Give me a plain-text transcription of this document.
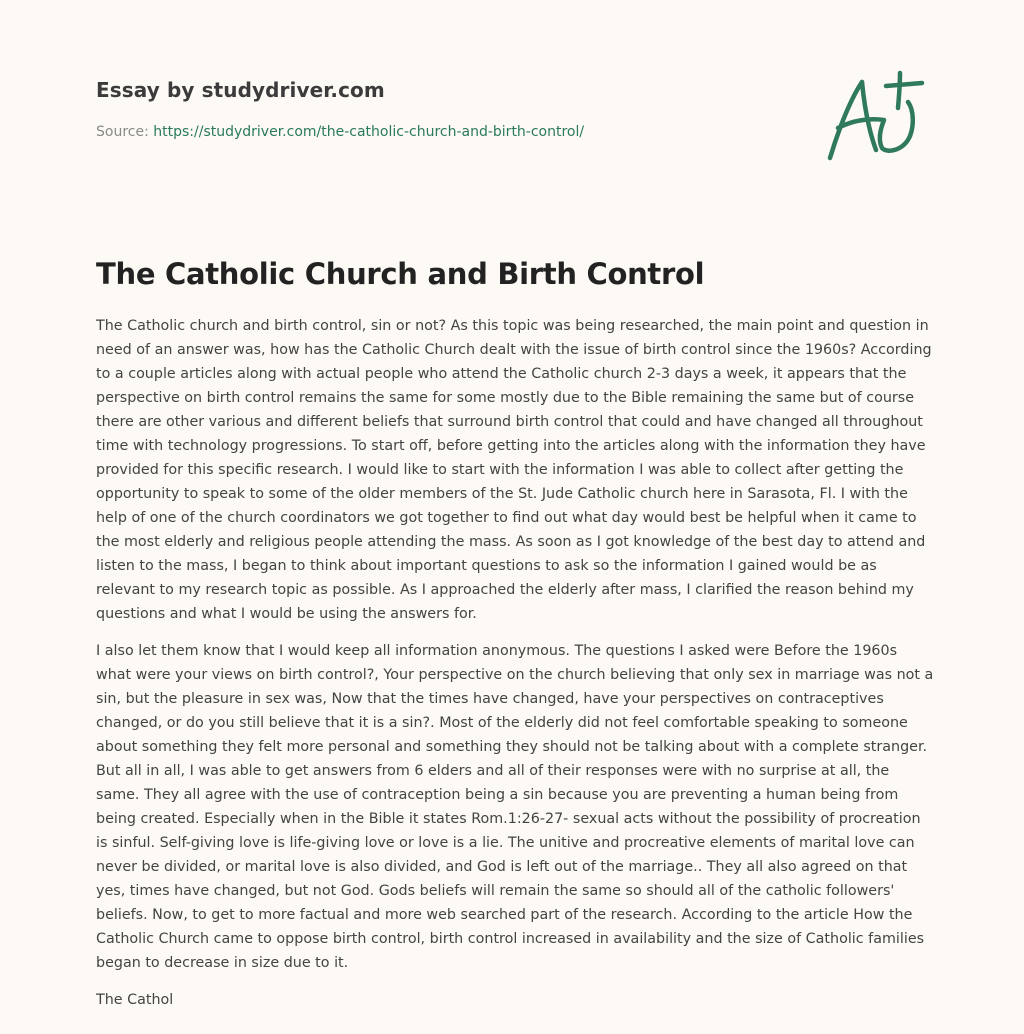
Essay by studydriver.com
Source: https://studydriver.com/the-catholic-church-and-birth-control/
The Catholic Church and Birth Control

The Catholic church and birth control, sin or not? As this topic was being researched, the main point and question in need of an answer was, how has the Catholic Church dealt with the issue of birth control since the 1960s? According to a couple articles along with actual people who attend the Catholic church 2-3 days a week, it appears that the perspective on birth control remains the same for some mostly due to the Bible remaining the same but of course there are other various and different beliefs that surround birth control that could and have changed all throughout time with technology progressions. To start off, before getting into the articles along with the information they have provided for this specific research. I would like to start with the information I was able to collect after getting the opportunity to speak to some of the older members of the St. Jude Catholic church here in Sarasota, Fl. I with the help of one of the church coordinators we got together to find out what day would best be helpful when it came to the most elderly and religious people attending the mass. As soon as I got knowledge of the best day to attend and listen to the mass, I began to think about important questions to ask so the information I gained would be as relevant to my research topic as possible. As I approached the elderly after mass, I clarified the reason behind my questions and what I would be using the answers for.

I also let them know that I would keep all information anonymous. The questions I asked were Before the 1960s what were your views on birth control?, Your perspective on the church believing that only sex in marriage was not a sin, but the pleasure in sex was, Now that the times have changed, have your perspectives on contraceptives changed, or do you still believe that it is a sin?. Most of the elderly did not feel comfortable speaking to someone about something they felt more personal and something they should not be talking about with a complete stranger. But all in all, I was able to get answers from 6 elders and all of their responses were with no surprise at all, the same. They all agree with the use of contraception being a sin because you are preventing a human being from being created. Especially when in the Bible it states Rom.1:26-27- sexual acts without the possibility of procreation is sinful. Self-giving love is life-giving love or love is a lie. The unitive and procreative elements of marital love can never be divided, or marital love is also divided, and God is left out of the marriage.. They all also agreed on that yes, times have changed, but not God. Gods beliefs will remain the same so should all of the catholic followers' beliefs. Now, to get to more factual and more web searched part of the research. According to the article How the Catholic Church came to oppose birth control, birth control increased in availability and the size of Catholic families began to decrease in size due to it.

The Cathol
